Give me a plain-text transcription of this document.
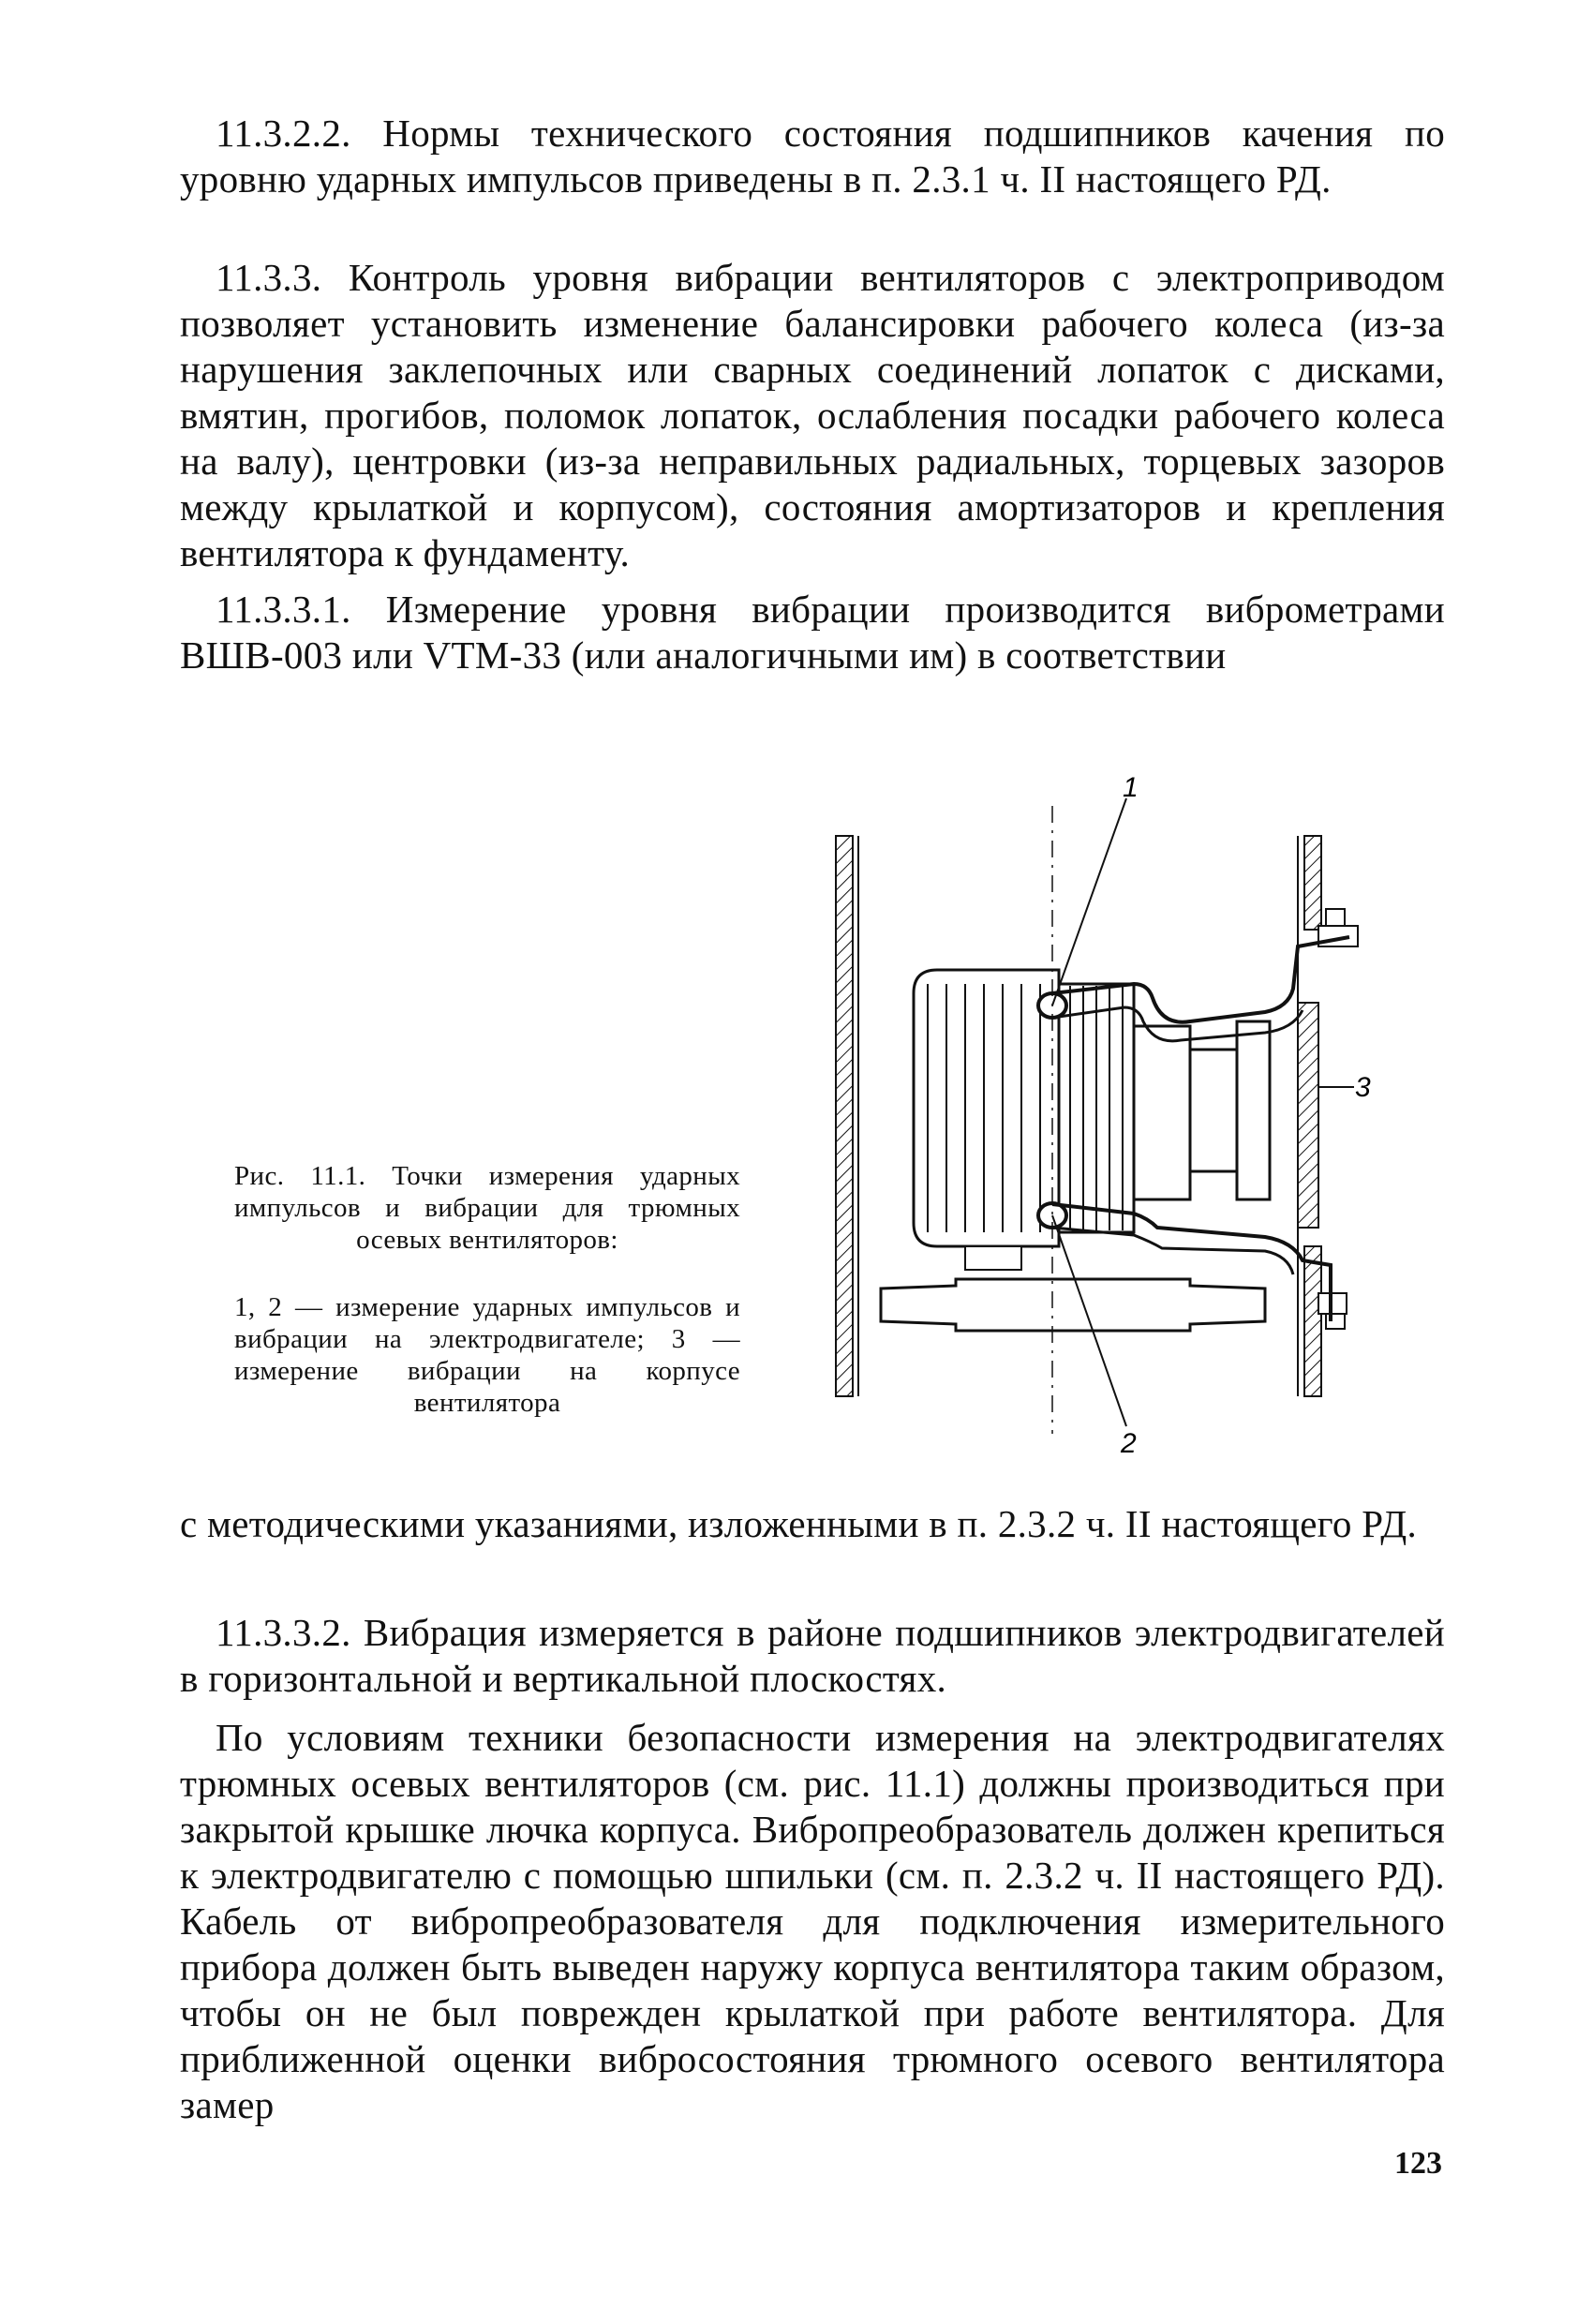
11.3.2.2. Нормы технического состояния подшипников качения по уровню ударных импульсов приведены в п. 2.3.1 ч. II настоящего РД.

11.3.3. Контроль уровня вибрации вентиляторов с электроприводом позволяет установить изменение балансировки рабочего колеса (из-за нарушения заклепочных или сварных соединений лопаток с дисками, вмятин, прогибов, поломок лопаток, ослабления посадки рабочего колеса на валу), центровки (из-за неправильных радиальных, торцевых зазоров между крылаткой и корпусом), состояния амортизаторов и крепления вентилятора к фундаменту.

11.3.3.1. Измерение уровня вибрации производится виброметрами ВШВ-003 или VTM-33 (или аналогичными им) в соответствии

Рис. 11.1. Точки измерения ударных импульсов и вибрации для трюмных осевых вентиляторов:
1, 2 — измерение ударных импульсов и вибрации на электродвигателе; 3 — измерение вибрации на корпусе вентилятора
1
2
3

с методическими указаниями, изложенными в п. 2.3.2 ч. II настоящего РД.

11.3.3.2. Вибрация измеряется в районе подшипников электродвигателей в горизонтальной и вертикальной плоскостях.

По условиям техники безопасности измерения на электродвигателях трюмных осевых вентиляторов (см. рис. 11.1) должны производиться при закрытой крышке лючка корпуса. Вибропреобразователь должен крепиться к электродвигателю с помощью шпильки (см. п. 2.3.2 ч. II настоящего РД). Кабель от вибропреобразователя для подключения измерительного прибора должен быть выведен наружу корпуса вентилятора таким образом, чтобы он не был поврежден крылаткой при работе вентилятора. Для приближенной оценки вибросостояния трюмного осевого вентилятора замер

123
